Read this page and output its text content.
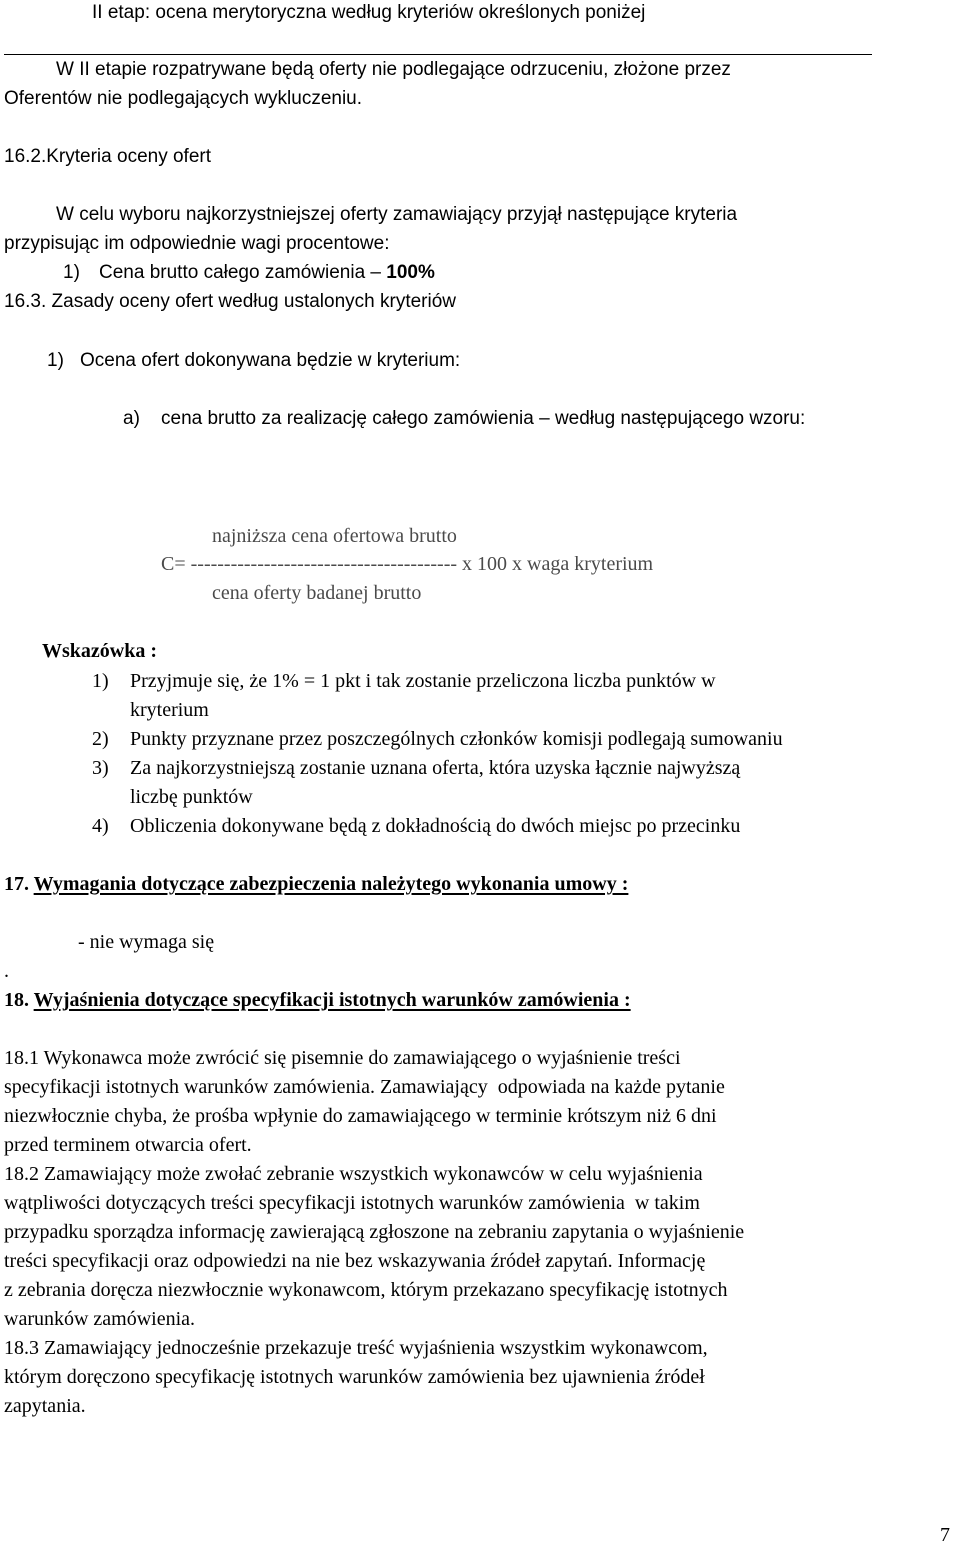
II etap: ocena merytoryczna według kryteriów określonych poniżej
W II etapie rozpatrywane będą oferty nie podlegające odrzuceniu, złożone przez
Oferentów nie podlegających wykluczeniu.
16.2.Kryteria oceny ofert
W celu wyboru najkorzystniejszej oferty zamawiający przyjął następujące kryteria
przypisując im odpowiednie wagi procentowe:
1) Cena brutto całego zamówienia – 100%
16.3. Zasady oceny ofert według ustalonych kryteriów
1) Ocena ofert dokonywana będzie w kryterium:
a) cena brutto za realizację całego zamówienia – według następującego wzoru:
najniższa cena ofertowa brutto
C= ---------------------------------------- x 100 x waga kryterium
cena oferty badanej brutto
Wskazówka :
1) Przyjmuje się, że 1% = 1 pkt i tak zostanie przeliczona liczba punktów w
kryterium
2) Punkty przyznane przez poszczególnych członków komisji podlegają sumowaniu
3) Za najkorzystniejszą zostanie uznana oferta, która uzyska łącznie najwyższą
liczbę punktów
4) Obliczenia dokonywane będą z dokładnością do dwóch miejsc po przecinku
17. Wymagania dotyczące zabezpieczenia należytego wykonania umowy :
- nie wymaga się
.
18. Wyjaśnienia dotyczące specyfikacji istotnych warunków zamówienia :
18.1 Wykonawca może zwrócić się pisemnie do zamawiającego o wyjaśnienie treści
specyfikacji istotnych warunków zamówienia. Zamawiający  odpowiada na każde pytanie
niezwłocznie chyba, że prośba wpłynie do zamawiającego w terminie krótszym niż 6 dni
przed terminem otwarcia ofert.
18.2 Zamawiający może zwołać zebranie wszystkich wykonawców w celu wyjaśnienia
wątpliwości dotyczących treści specyfikacji istotnych warunków zamówienia  w takim
przypadku sporządza informację zawierającą zgłoszone na zebraniu zapytania o wyjaśnienie
treści specyfikacji oraz odpowiedzi na nie bez wskazywania źródeł zapytań. Informację
z zebrania doręcza niezwłocznie wykonawcom, którym przekazano specyfikację istotnych
warunków zamówienia.
18.3 Zamawiający jednocześnie przekazuje treść wyjaśnienia wszystkim wykonawcom,
którym doręczono specyfikację istotnych warunków zamówienia bez ujawnienia źródeł
zapytania.
7
